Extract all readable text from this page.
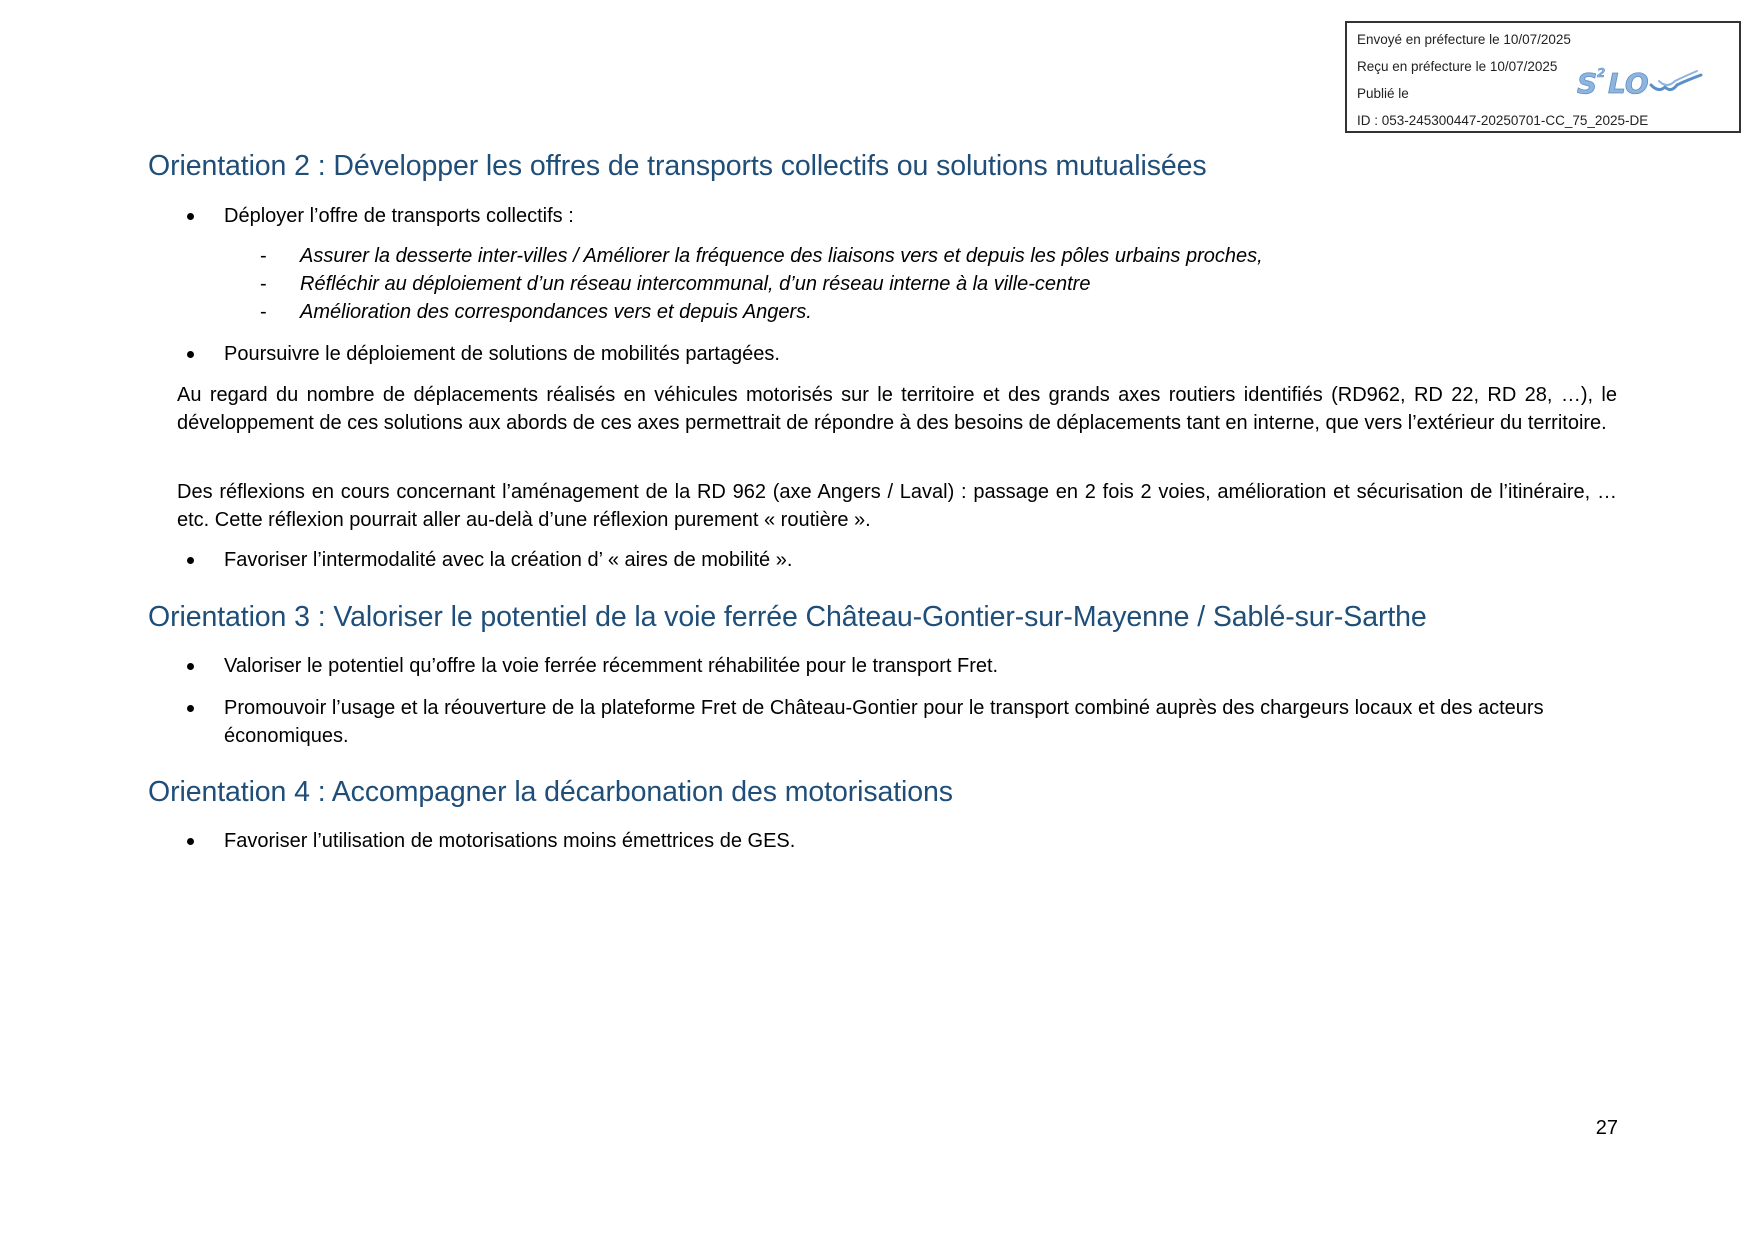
Envoyé en préfecture le 10/07/2025
Reçu en préfecture le 10/07/2025
Publié le
ID : 053-245300447-20250701-CC_75_2025-DE
S 2 LO
Orientation 2 : Développer les offres de transports collectifs ou solutions mutualisées
Déployer l’offre de transports collectifs :
- Assurer la desserte inter-villes / Améliorer la fréquence des liaisons vers et depuis les pôles urbains proches,
- Réfléchir au déploiement d’un réseau intercommunal, d’un réseau interne à la ville-centre
- Amélioration des correspondances vers et depuis Angers.
Poursuivre le déploiement de solutions de mobilités partagées.
Au regard du nombre de déplacements réalisés en véhicules motorisés sur le territoire et des grands axes routiers identifiés (RD962, RD 22, RD 28, …), le développement de ces solutions aux abords de ces axes permettrait de répondre à des besoins de déplacements tant en interne, que vers l’extérieur du territoire.
Des réflexions en cours concernant l’aménagement de la RD 962 (axe Angers / Laval) : passage en 2 fois 2 voies, amélioration et sécurisation de l’itinéraire, …etc. Cette réflexion pourrait aller au-delà d’une réflexion purement « routière ».
Favoriser l’intermodalité avec la création d’ « aires de mobilité ».
Orientation 3 : Valoriser le potentiel de la voie ferrée Château-Gontier-sur-Mayenne / Sablé-sur-Sarthe
Valoriser le potentiel qu’offre la voie ferrée récemment réhabilitée pour le transport Fret.
Promouvoir l’usage et la réouverture de la plateforme Fret de Château-Gontier pour le transport combiné auprès des chargeurs locaux et des acteurs économiques.
Orientation 4 : Accompagner la décarbonation des motorisations
Favoriser l’utilisation de motorisations moins émettrices de GES.
27
